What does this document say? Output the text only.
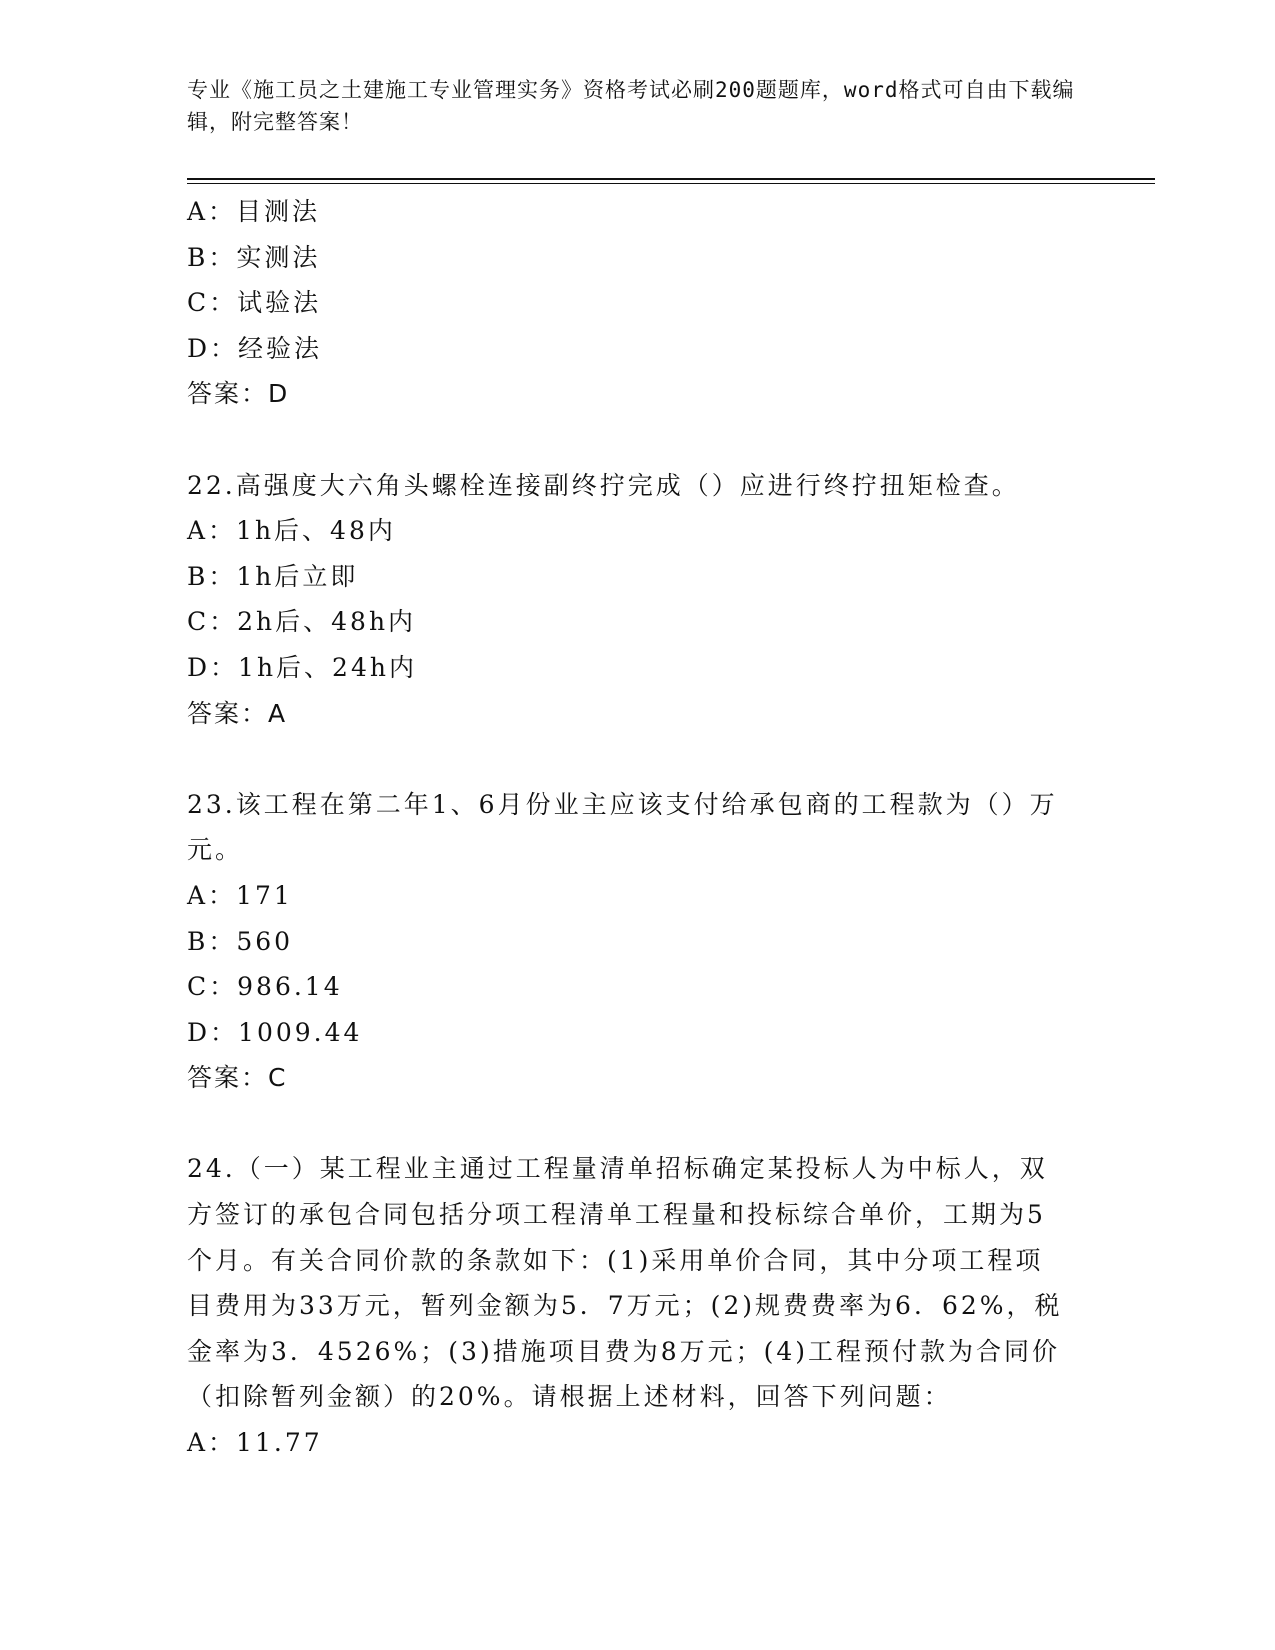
专业《施工员之土建施工专业管理实务》资格考试必刷200题题库，word格式可自由下载编辑，附完整答案！

A：目测法

B：实测法

C：试验法

D：经验法

答案：D

22.高强度大六角头螺栓连接副终拧完成（）应进行终拧扭矩检查。

A：1h后、48内

B：1h后立即

C：2h后、48h内

D：1h后、24h内

答案：A

23.该工程在第二年1、6月份业主应该支付给承包商的工程款为（）万元。

A：171

B：560

C：986.14

D：1009.44

答案：C

24.（一）某工程业主通过工程量清单招标确定某投标人为中标人，双方签订的承包合同包括分项工程清单工程量和投标综合单价，工期为5个月。有关合同价款的条款如下：(1)采用单价合同，其中分项工程项目费用为33万元，暂列金额为5．7万元；(2)规费费率为6．62%，税金率为3．4526%；(3)措施项目费为8万元；(4)工程预付款为合同价（扣除暂列金额）的20%。请根据上述材料，回答下列问题：

A：11.77
